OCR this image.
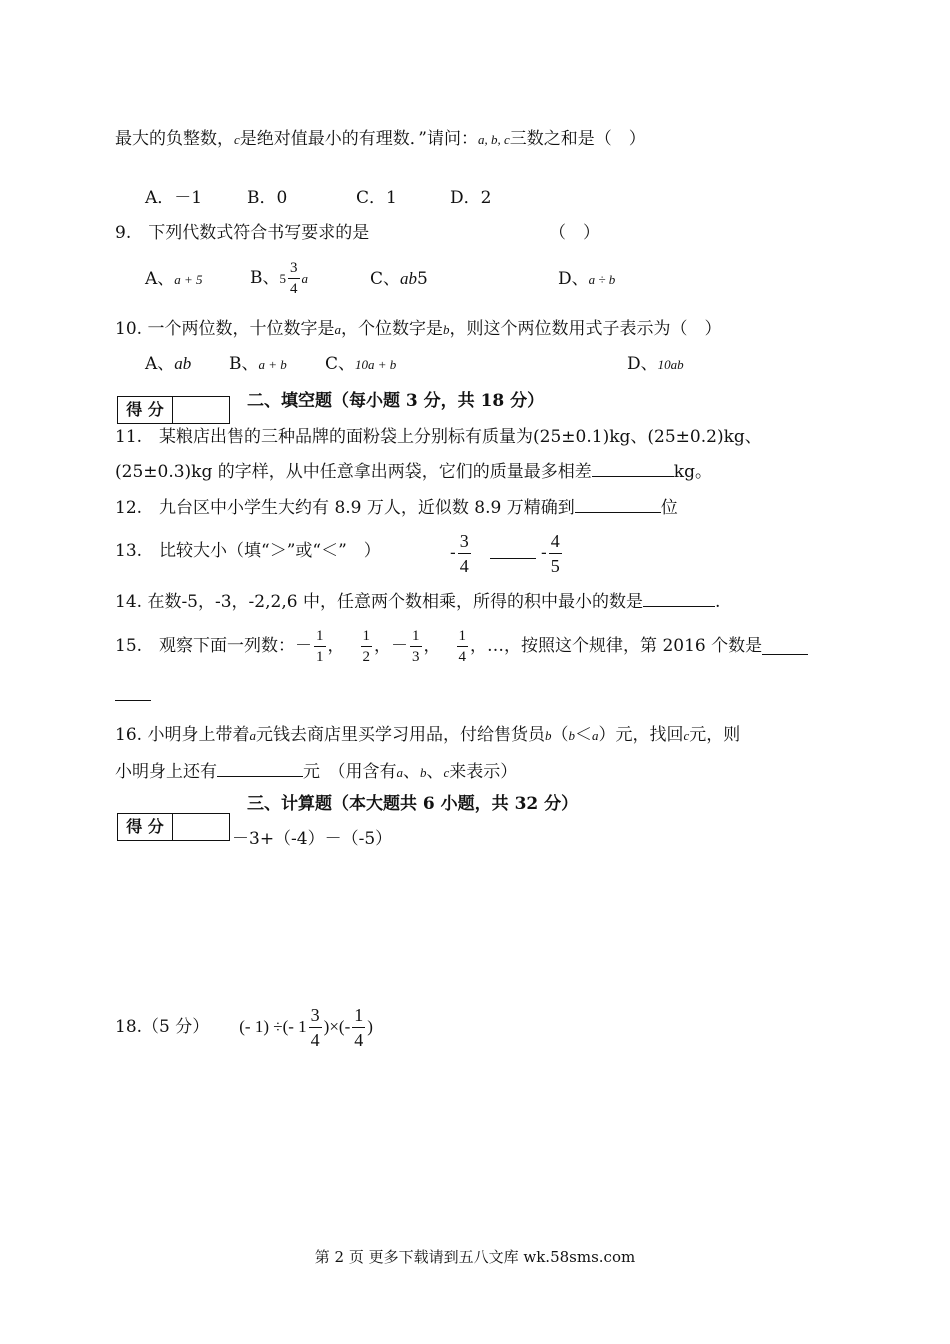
最大的负整数，c是绝对值最小的有理数．”请问：a, b, c三数之和是（　）
A．－1	B．0	C．1	D．2
9.　下列代数式符合书写要求的是	（　）
A、a + 5	B、 $5 \frac{3}{4}$ a	C、ab5	D、a ÷ b
10. 一个两位数，十位数字是a，个位数字是b，则这个两位数用式子表示为（　）
A、ab B、a + b C、10a + b	D、10ab
得 分	二、填空题（每小题 3 分，共 18 分）
11.　某粮店出售的三种品牌的面粉袋上分别标有质量为(25±0.1)kg、(25±0.2)kg、
(25±0.3)kg 的字样，从中任意拿出两袋，它们的质量最多相差	kg。
12.　九台区中小学生大约有 8.9 万人，近似数 8.9 万精确到	位
13.　比较大小（填“＞”或“＜”　）	- $\frac{3}{4}$	- $\frac{4}{5}$
14. 在数-5，-3，-2,2,6 中，任意两个数相乘，所得的积中最小的数是	.
15.　观察下面一列数： － $\frac{1}{1}$ ， $\frac{1}{2}$ ， － $\frac{1}{3}$ ， $\frac{1}{4}$ ，…，按照这个规律，第 2016 个数是
16. 小明身上带着a元钱去商店里买学习用品，付给售货员b（b＜a）元，找回c元，则
小明身上还有	元　（用含有a、b、c来表示）
三、计算题（本大题共 6 小题，共 32 分）
－3+（-4）－（-5）
得 分
18.（5 分） (- 1) ÷(- $1 \frac{3}{4}$ )×(- $\frac{1}{4}$ )
第 2 页 更多下载请到五八文库 wk.58sms.com
